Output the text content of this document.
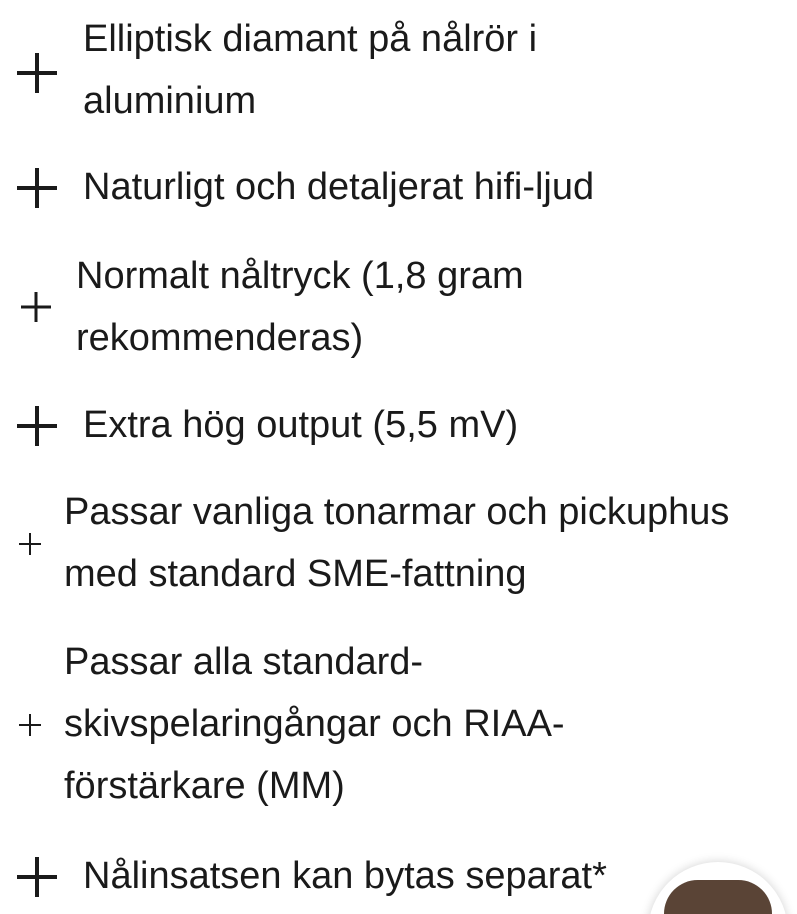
Elliptisk diamant på nålrör i aluminium
Naturligt och detaljerat hifi-ljud
Normalt nåltryck (1,8 gram rekommenderas)
Extra hög output (5,5 mV)
Passar vanliga tonarmar och pickuphus med standard SME-fattning
Passar alla standard-skivspelaringångar och RIAA-förstärkare (MM)
Nålinsatsen kan bytas separat*
